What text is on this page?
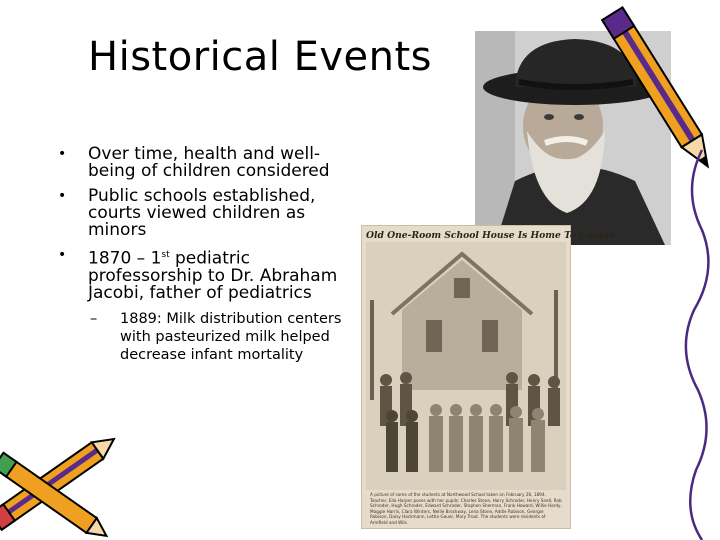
Historical Events
• Over time, health and well-being of children considered
• Public schools established, courts viewed children as minors
• 1870 – 1st pediatric professorship to Dr. Abraham Jacobi, father of pediatrics
– 1889: Milk distribution centers with pasteurized milk helped decrease infant mortality
Old One-Room School House Is Home To Couple
A picture of some of the students at Northwood School taken on February 26, 1894. Teacher, Ella Harper poses with her pupils: Charles Stone, Harry Schroder, Henry Snell, Rob Schroder, Hugh Schroder, Edward Schroder, Stephen Sherman, Frank Howard, Willie Hardy, Maggie Harris, Clara Winters, Nellie Brockway, Lena Stone, Addie Robison, Georgie Robison, Daisy Hackmann, Lettie Gauer, Mary Trout. The students were residents of Armfield and Wils.
